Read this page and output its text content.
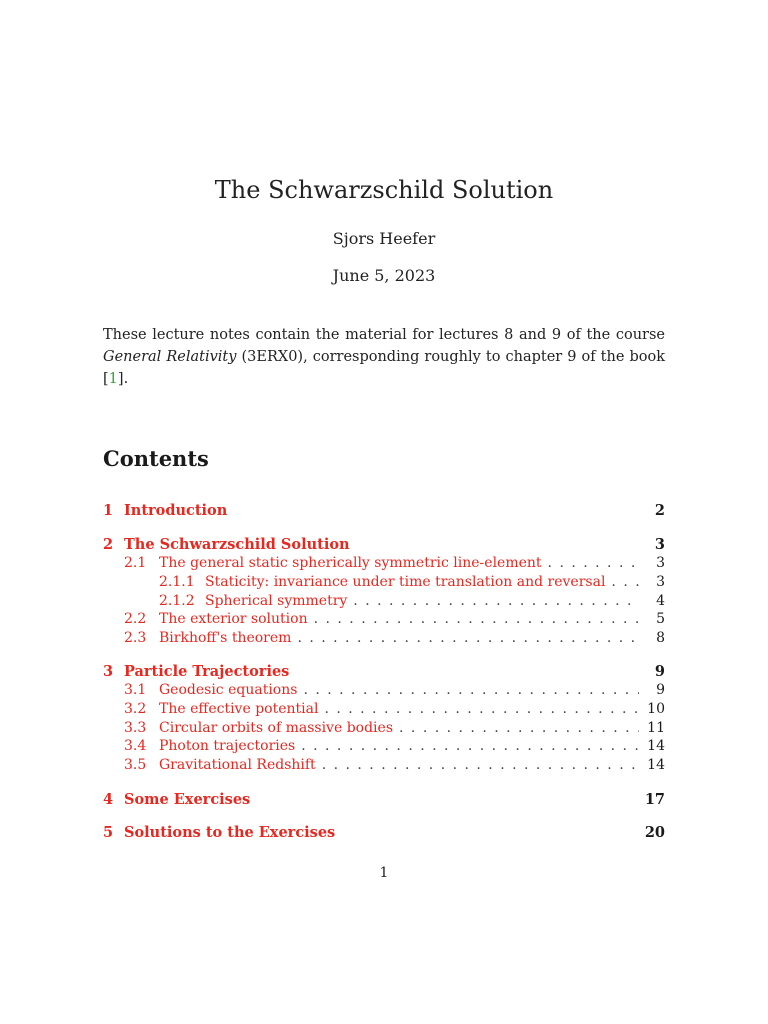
The Schwarzschild Solution
Sjors Heefer
June 5, 2023
These lecture notes contain the material for lectures 8 and 9 of the course General Relativity (3ERX0), corresponding roughly to chapter 9 of the book [1].
Contents
1 Introduction	2
2 The Schwarzschild Solution	3
2.1 The general static spherically symmetric line-element . . .	3
2.1.1 Staticity: invariance under time translation and reversal . . .	3
2.1.2 Spherical symmetry . . .	4
2.2 The exterior solution . . .	5
2.3 Birkhoff's theorem . . .	8
3 Particle Trajectories	9
3.1 Geodesic equations . . .	9
3.2 The effective potential . . .	10
3.3 Circular orbits of massive bodies . . .	11
3.4 Photon trajectories . . .	14
3.5 Gravitational Redshift . . .	14
4 Some Exercises	17
5 Solutions to the Exercises	20
1
